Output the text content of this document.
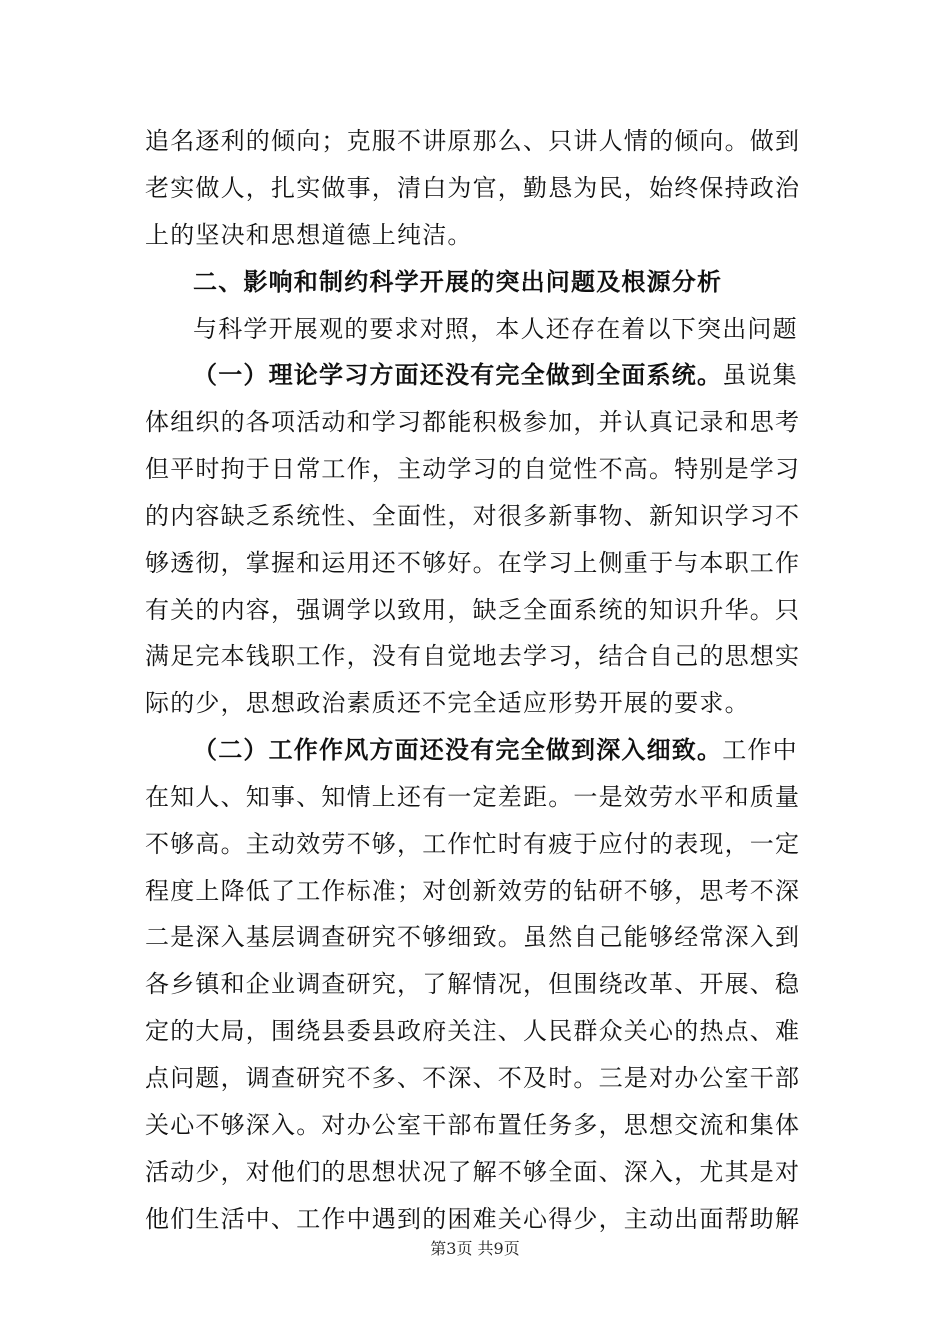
追名逐利的倾向；克服不讲原那么、只讲人情的倾向。做到
老实做人，扎实做事，清白为官，勤恳为民，始终保持政治
上的坚决和思想道德上纯洁。
二、影响和制约科学开展的突出问题及根源分析
与科学开展观的要求对照，本人还存在着以下突出问题
（一）理论学习方面还没有完全做到全面系统。虽说集
体组织的各项活动和学习都能积极参加，并认真记录和思考
但平时拘于日常工作，主动学习的自觉性不高。特别是学习
的内容缺乏系统性、全面性，对很多新事物、新知识学习不
够透彻，掌握和运用还不够好。在学习上侧重于与本职工作
有关的内容，强调学以致用，缺乏全面系统的知识升华。只
满足完本钱职工作，没有自觉地去学习，结合自己的思想实
际的少，思想政治素质还不完全适应形势开展的要求。
（二）工作作风方面还没有完全做到深入细致。工作中
在知人、知事、知情上还有一定差距。一是效劳水平和质量
不够高。主动效劳不够，工作忙时有疲于应付的表现，一定
程度上降低了工作标准；对创新效劳的钻研不够，思考不深
二是深入基层调查研究不够细致。虽然自己能够经常深入到
各乡镇和企业调查研究，了解情况，但围绕改革、开展、稳
定的大局，围绕县委县政府关注、人民群众关心的热点、难
点问题，调查研究不多、不深、不及时。三是对办公室干部
关心不够深入。对办公室干部布置任务多，思想交流和集体
活动少，对他们的思想状况了解不够全面、深入，尤其是对
他们生活中、工作中遇到的困难关心得少，主动出面帮助解
第3页 共9页
